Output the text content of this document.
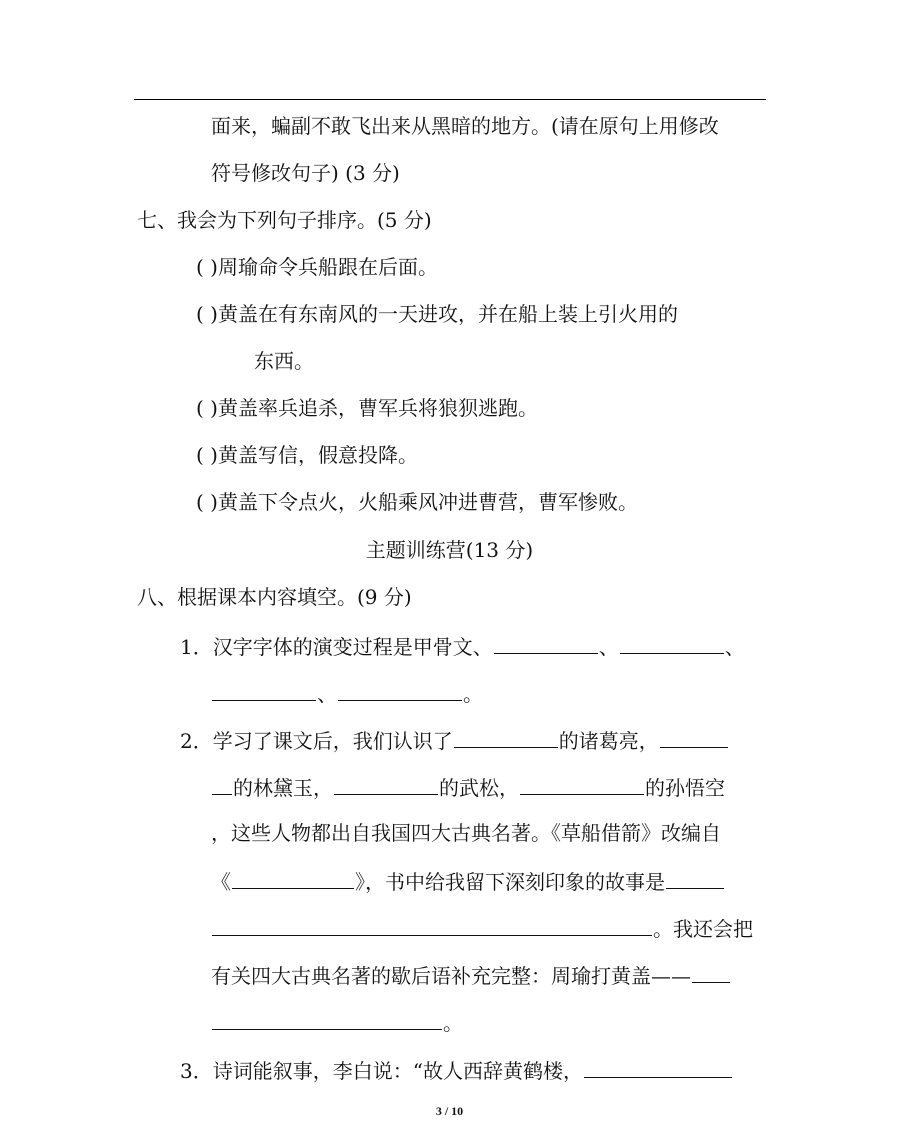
面来，蝙副不敢飞出来从黑暗的地方。(请在原句上用修改
符号修改句子) (3 分)
七、我会为下列句子排序。(5 分)
( )周瑜命令兵船跟在后面。
( )黄盖在有东南风的一天进攻，并在船上装上引火用的
东西。
( )黄盖率兵追杀，曹军兵将狼狈逃跑。
( )黄盖写信，假意投降。
( )黄盖下令点火，火船乘风冲进曹营，曹军惨败。
主题训练营(13 分)
八、根据课本内容填空。(9 分)
1．汉字字体的演变过程是甲骨文、	、	、
、	。
2．学习了课文后，我们认识了	的诸葛亮，
的林黛玉，	的武松，	的孙悟空
，这些人物都出自我国四大古典名著。《草船借箭》改编自
《	》，书中给我留下深刻印象的故事是
。我还会把
有关四大古典名著的歇后语补充完整：周瑜打黄盖——
。
3．诗词能叙事，李白说：“故人西辞黄鹤楼，
3 / 10
